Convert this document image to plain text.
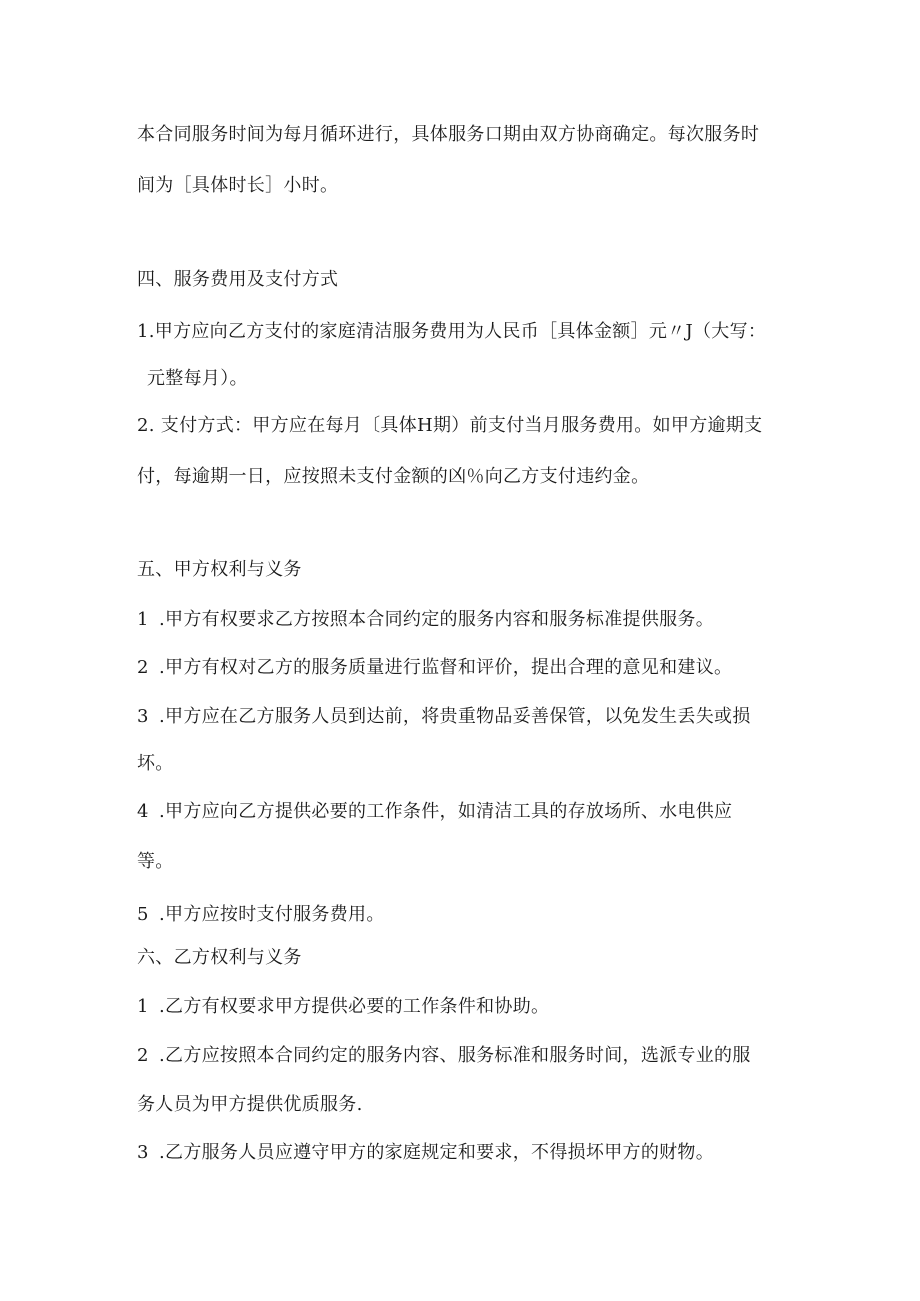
本合同服务时间为每月循环进行，具体服务口期由双方协商确定。每次服务时
间为［具体时长］小时。
四、服务费用及支付方式
1.甲方应向乙方支付的家庭清洁服务费用为人民币［具体金额］元〃J（大写：
元整每月）。
2. 支付方式：甲方应在每月〔具体H期）前支付当月服务费用。如甲方逾期支
付，每逾期一日，应按照未支付金额的凶％向乙方支付违约金。
五、甲方权利与义务
1 .甲方有权要求乙方按照本合同约定的服务内容和服务标准提供服务。
2 .甲方有权对乙方的服务质量进行监督和评价，提出合理的意见和建议。
3 .甲方应在乙方服务人员到达前，将贵重物品妥善保管，以免发生丢失或损
坏。
4 .甲方应向乙方提供必要的工作条件，如清洁工具的存放场所、水电供应
等。
5 .甲方应按时支付服务费用。
六、乙方权利与义务
1 .乙方有权要求甲方提供必要的工作条件和协助。
2 .乙方应按照本合同约定的服务内容、服务标准和服务时间，选派专业的服
务人员为甲方提供优质服务.
3 .乙方服务人员应遵守甲方的家庭规定和要求，不得损坏甲方的财物。
